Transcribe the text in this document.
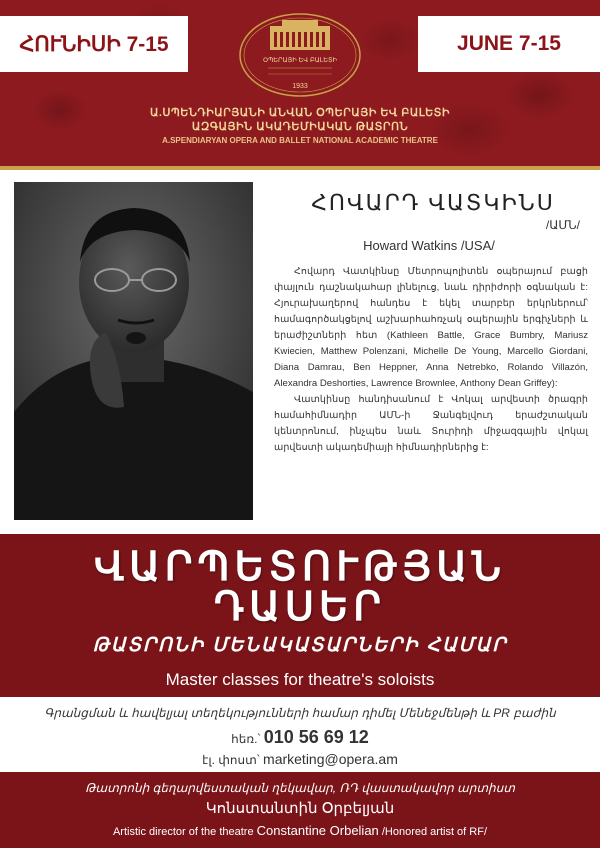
ՀՈՒՆԻՍԻ 7-15
ՕՊԵՐԱՅԻ ԵՎ ԲԱԼԵՏԻ
1933
JUNE 7-15
Ա.ՍՊԵՆԴԻԱՐՅԱՆԻ ԱՆՎԱՆ ՕՊԵՐԱՅԻ ԵՎ ԲԱԼԵՏԻ
ԱԶԳԱՅԻՆ ԱԿԱԴԵՄԻԱԿԱՆ ԹԱՏՐՈՆ
A.SPENDIARYAN OPERA AND BALLET NATIONAL ACADEMIC THEATRE
ՀՈՎԱՐԴ ՎԱՏԿԻՆՍ
/ԱՄՆ/
Howard Watkins /USA/

Հովարդ Վատկինսը Մետրոպոլիտեն օպերայում բացի փայլուն դաշնակահար լինելուց, նաև դիրիժորի օգնական է: Հյուրախաղերով հանդես է եկել տարբեր երկրներում՝ համագործակցելով աշխարհահռչակ օպերային երգիչների և երաժիշտների հետ (Kathleen Battle, Grace Bumbry, Mariusz Kwiecien, Matthew Polenzani, Michelle De Young, Marcello Giordani, Diana Damrau, Ben Heppner, Anna Netrebko, Rolando Villazón, Alexandra Deshorties, Lawrence Brownlee, Anthony Dean Griffey):

Վատկինսը հանդիսանում է Վոկալ արվեստի ծրագրի համահիմնադիր ԱՄՆ-ի Ջանգելվուդ երաժշտական կենտրոնում, ինչպես նաև Տուրիդի միջազգային վոկալ արվեստի ակադեմիայի հիմնադիրներից է:

ՎԱՐՊԵՏՈՒԹՅԱՆ
ԴԱՍԵՐ
ԹԱՏՐՈՆԻ ՄԵՆԱԿԱՏԱՐՆԵՐԻ ՀԱՄԱՐ
Master classes for theatre's soloists
Գրանցման և հավելյալ տեղեկությունների համար դիմել Մենեջմենթի և PR բաժին
հեռ.՝ 010 56 69 12
էլ. փոստ՝ marketing@opera.am
Թատրոնի գեղարվեստական ղեկավար, ՌԴ վաստակավոր արտիստ
Կոնստանտին Օրբելյան
Artistic director of the theatre Constantine Orbelian /Honored artist of RF/
